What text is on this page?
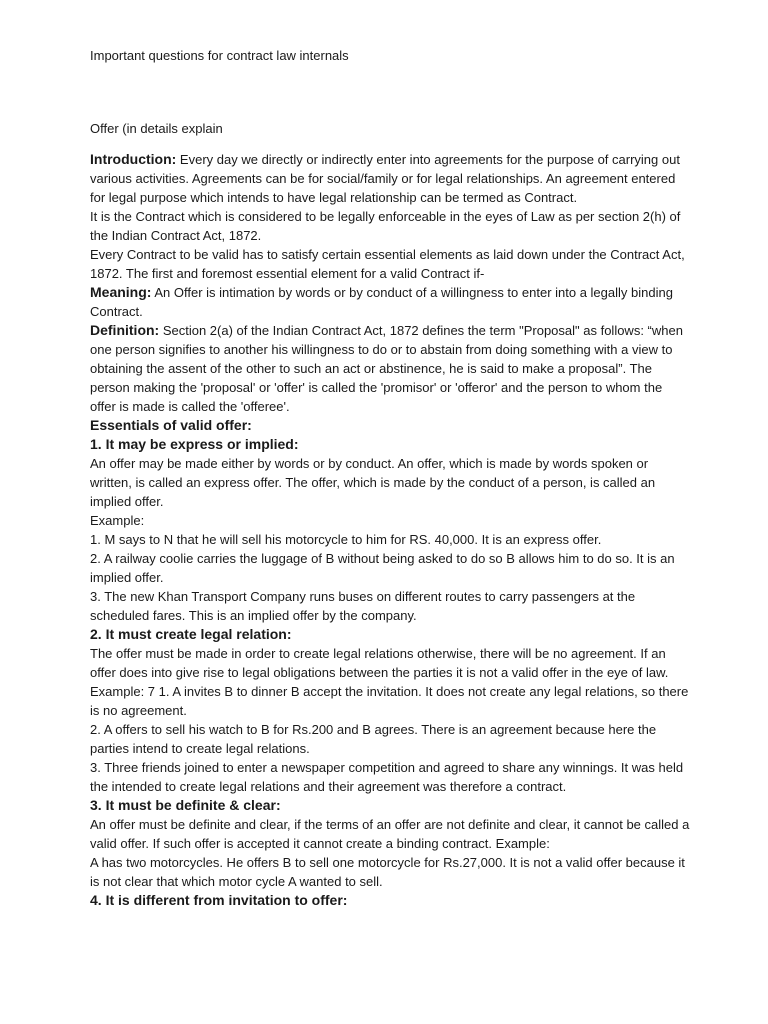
Important questions for contract law internals

Offer (in details explain

Introduction: Every day we directly or indirectly enter into agreements for the purpose of carrying out various activities. Agreements can be for social/family or for legal relationships. An agreement entered for legal purpose which intends to have legal relationship can be termed as Contract.

It is the Contract which is considered to be legally enforceable in the eyes of Law as per section 2(h) of the Indian Contract Act, 1872.

Every Contract to be valid has to satisfy certain essential elements as laid down under the Contract Act, 1872. The first and foremost essential element for a valid Contract if-

Meaning: An Offer is intimation by words or by conduct of a willingness to enter into a legally binding Contract.

Definition: Section 2(a) of the Indian Contract Act, 1872 defines the term "Proposal" as follows: “when one person signifies to another his willingness to do or to abstain from doing something with a view to obtaining the assent of the other to such an act or abstinence, he is said to make a proposal”. The person making the 'proposal' or 'offer' is called the 'promisor' or 'offeror' and the person to whom the offer is made is called the 'offeree'.

Essentials of valid offer:

1. It may be express or implied:

An offer may be made either by words or by conduct. An offer, which is made by words spoken or written, is called an express offer. The offer, which is made by the conduct of a person, is called an implied offer.

Example:

1. M says to N that he will sell his motorcycle to him for RS. 40,000. It is an express offer.

2. A railway coolie carries the luggage of B without being asked to do so B allows him to do so. It is an implied offer.

3. The new Khan Transport Company runs buses on different routes to carry passengers at the scheduled fares. This is an implied offer by the company.

2. It must create legal relation:

The offer must be made in order to create legal relations otherwise, there will be no agreement. If an offer does into give rise to legal obligations between the parties it is not a valid offer in the eye of law.

Example: 7 1. A invites B to dinner B accept the invitation. It does not create any legal relations, so there is no agreement.

2. A offers to sell his watch to B for Rs.200 and B agrees. There is an agreement because here the parties intend to create legal relations.

3. Three friends joined to enter a newspaper competition and agreed to share any winnings. It was held the intended to create legal relations and their agreement was therefore a contract.

3. It must be definite & clear:

An offer must be definite and clear, if the terms of an offer are not definite and clear, it cannot be called a valid offer. If such offer is accepted it cannot create a binding contract. Example:

A has two motorcycles. He offers B to sell one motorcycle for Rs.27,000. It is not a valid offer because it is not clear that which motor cycle A wanted to sell.

4. It is different from invitation to offer:
